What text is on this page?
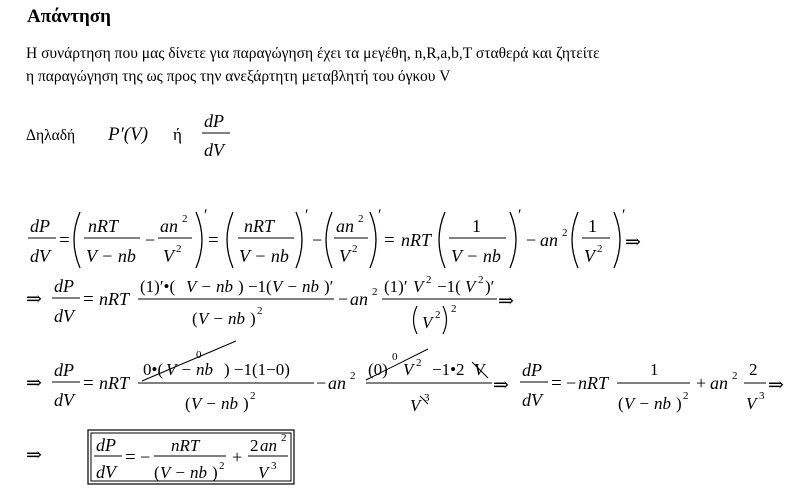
Απάντηση
Η συνάρτηση που μας δίνετε για παραγώγηση έχει τα μεγέθη, n,R,a,b,T σταθερά και ζητείτε
η παραγώγηση της ως προς την ανεξάρτητη μεταβλητή του όγκου V
Δηλαδή P′(V) ή
dP
dV
dP
dV
=
nRT
V − nb
−
an 2
V 2
′
=
nRT
V − nb
′
−
an 2
V 2
′
= nRT
1
V − nb
′
− an 2 1
V 2
′
⇒
⇒
dP
dV
= nRT
(1)′•( V − nb ) −1( V − nb )′
( V − nb ) 2
− an 2 (1)′ V 2 −1( V 2 )′
V 2 2 ⇒
⇒
dP
dV
= nRT
0•( V − nb ) −1(1−0)
0
( V − nb ) 2
− an 2 (0) V 2 −1•2 V
0
V 3
⇒
dP
dV
= − nRT
1
( V − nb ) 2
+ an 2 2
V 3 ⇒
⇒	dP
dV
= −
nRT
( V − nb ) 2 +
2 an 2
V 3
